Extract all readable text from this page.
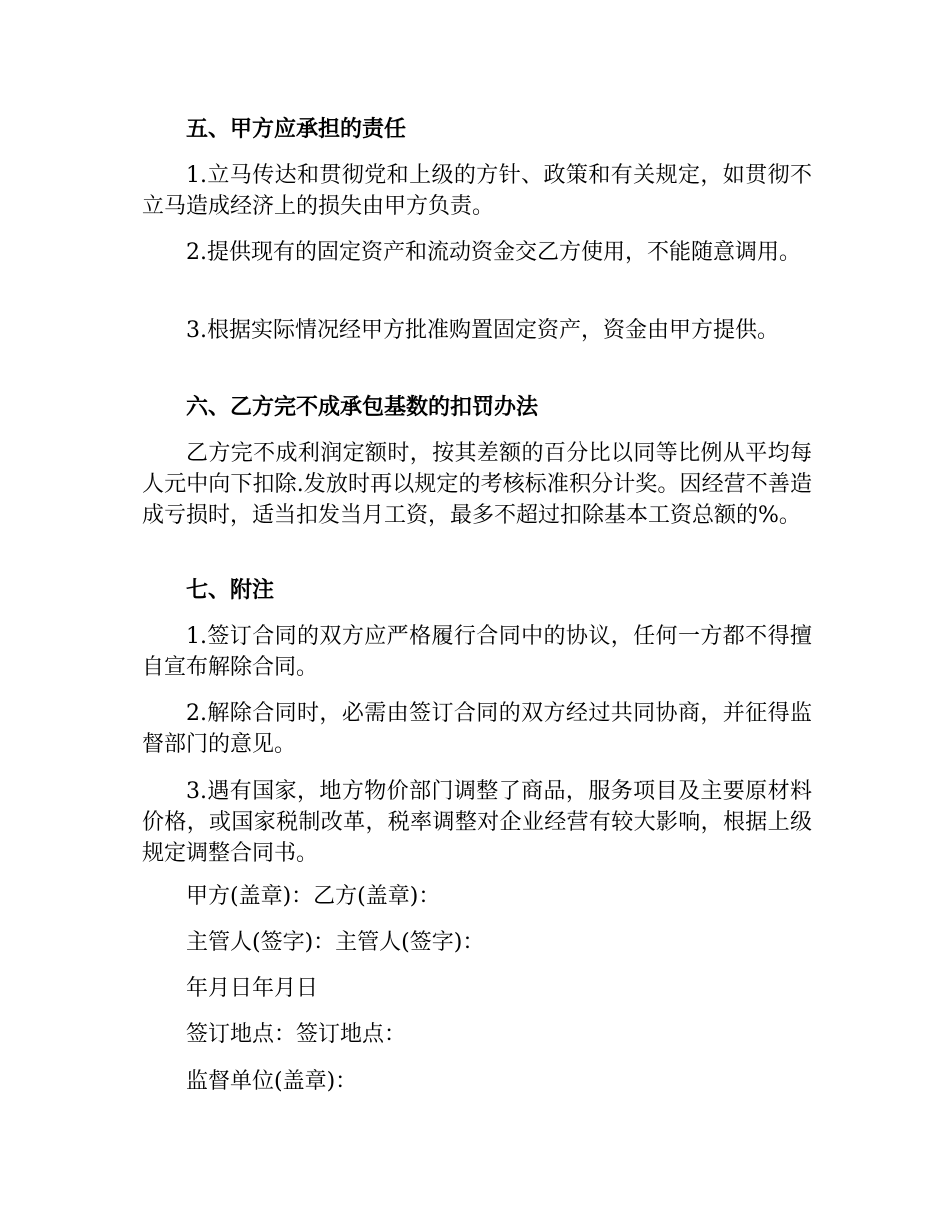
五、甲方应承担的责任

1.立马传达和贯彻党和上级的方针、政策和有关规定，如贯彻不立马造成经济上的损失由甲方负责。

2.提供现有的固定资产和流动资金交乙方使用，不能随意调用。

3.根据实际情况经甲方批准购置固定资产，资金由甲方提供。

六、乙方完不成承包基数的扣罚办法

乙方完不成利润定额时，按其差额的百分比以同等比例从平均每人元中向下扣除.发放时再以规定的考核标准积分计奖。因经营不善造成亏损时，适当扣发当月工资，最多不超过扣除基本工资总额的%。

七、附注

1.签订合同的双方应严格履行合同中的协议，任何一方都不得擅自宣布解除合同。

2.解除合同时，必需由签订合同的双方经过共同协商，并征得监督部门的意见。

3.遇有国家，地方物价部门调整了商品，服务项目及主要原材料价格，或国家税制改革，税率调整对企业经营有较大影响，根据上级规定调整合同书。

甲方(盖章)：乙方(盖章)：

主管人(签字)：主管人(签字)：

年月日年月日

签订地点：签订地点：

监督单位(盖章)：
